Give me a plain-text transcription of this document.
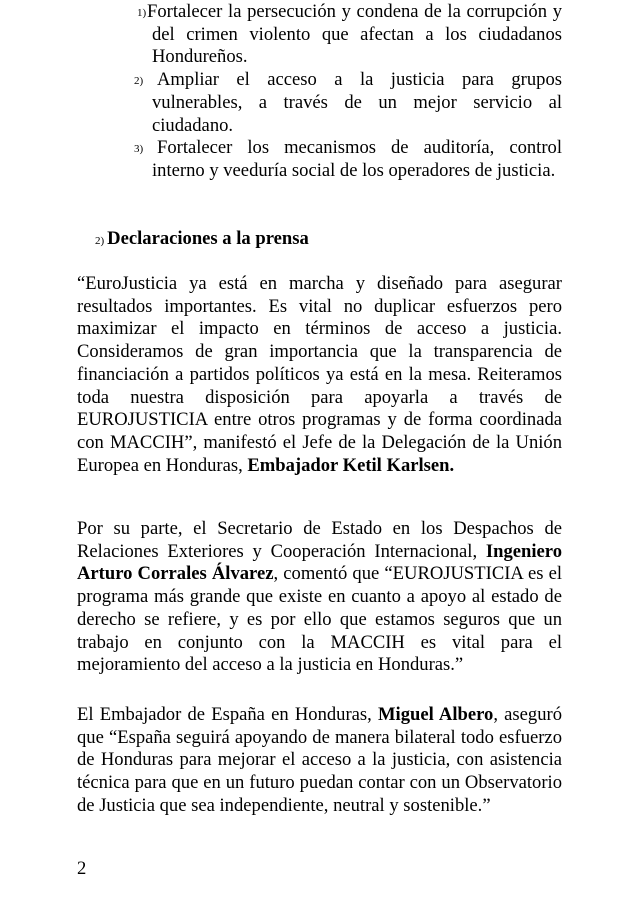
1) Fortalecer la persecución y condena de la corrupción y del crimen violento que afectan a los ciudadanos Hondureños.
2) Ampliar el acceso a la justicia para grupos vulnerables, a través de un mejor servicio al ciudadano.
3) Fortalecer los mecanismos de auditoría, control interno y veeduría social de los operadores de justicia.
2) Declaraciones a la prensa

“EuroJusticia ya está en marcha y diseñado para asegurar resultados importantes. Es vital no duplicar esfuerzos pero maximizar el impacto en términos de acceso a justicia. Consideramos de gran importancia que la transparencia de financiación a partidos políticos ya está en la mesa. Reiteramos toda nuestra disposición para apoyarla a través de EUROJUSTICIA entre otros programas y de forma coordinada con MACCIH”, manifestó el Jefe de la Delegación de la Unión Europea en Honduras, Embajador Ketil Karlsen.

Por su parte, el Secretario de Estado en los Despachos de Relaciones Exteriores y Cooperación Internacional, Ingeniero Arturo Corrales Álvarez, comentó que “EUROJUSTICIA es el programa más grande que existe en cuanto a apoyo al estado de derecho se refiere, y es por ello que estamos seguros que un trabajo en conjunto con la MACCIH es vital para el mejoramiento del acceso a la justicia en Honduras.”

El Embajador de España en Honduras, Miguel Albero, aseguró que “España seguirá apoyando de manera bilateral todo esfuerzo de Honduras para mejorar el acceso a la justicia, con asistencia técnica para que en un futuro puedan contar con un Observatorio de Justicia que sea independiente, neutral y sostenible.”

2
